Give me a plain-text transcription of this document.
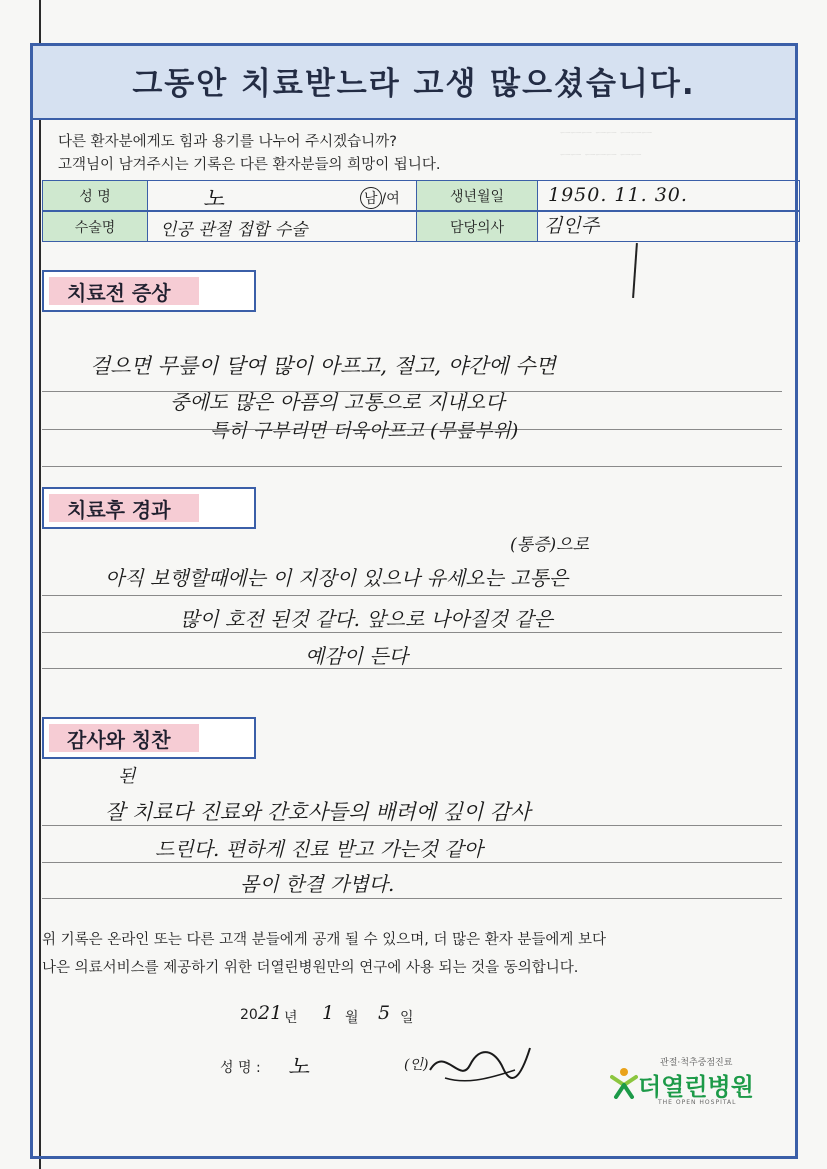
ㅡㅡㅡ ㅡㅡ ㅡㅡㅡ
ㅡㅡ ㅡㅡㅡ ㅡㅡ
그동안 치료받느라 고생 많으셨습니다.
다른 환자분에게도 힘과 용기를 나누어 주시겠습니까?
고객님이 남겨주시는 기록은 다른 환자분들의 희망이 됩니다.
성 명	노	남 /여	생년월일	1950. 11. 30.
수술명	인공 관절 접합 수술	담당의사	김인주
치료전 증상
걸으면 무릎이 달여 많이 아프고, 절고, 야간에 수면
중에도 많은 아픔의 고통으로 지내오다
특히 구부리면 더욱아프고 (무릎부위)
치료후 경과
(통증)으로
아직 보행할때에는 이 지장이 있으나 유세오는 고통은
많이 호전 된것 같다. 앞으로 나아질것 같은
예감이 든다
감사와 칭찬
된
잘 치료다 진료와 간호사들의 배려에 깊이 감사
드린다. 편하게 진료 받고 가는것 같아
몸이 한결 가볍다.
위 기록은 온라인 또는 다른 고객 분들에게 공개 될 수 있으며, 더 많은 환자 분들에게 보다
나은 의료서비스를 제공하기 위한 더열린병원만의 연구에 사용 되는 것을 동의합니다.
20 21 년 1 월 5 일
성 명 : 노	(인)	관절·척추중점진료
더열린병원
THE OPEN HOSPITAL
